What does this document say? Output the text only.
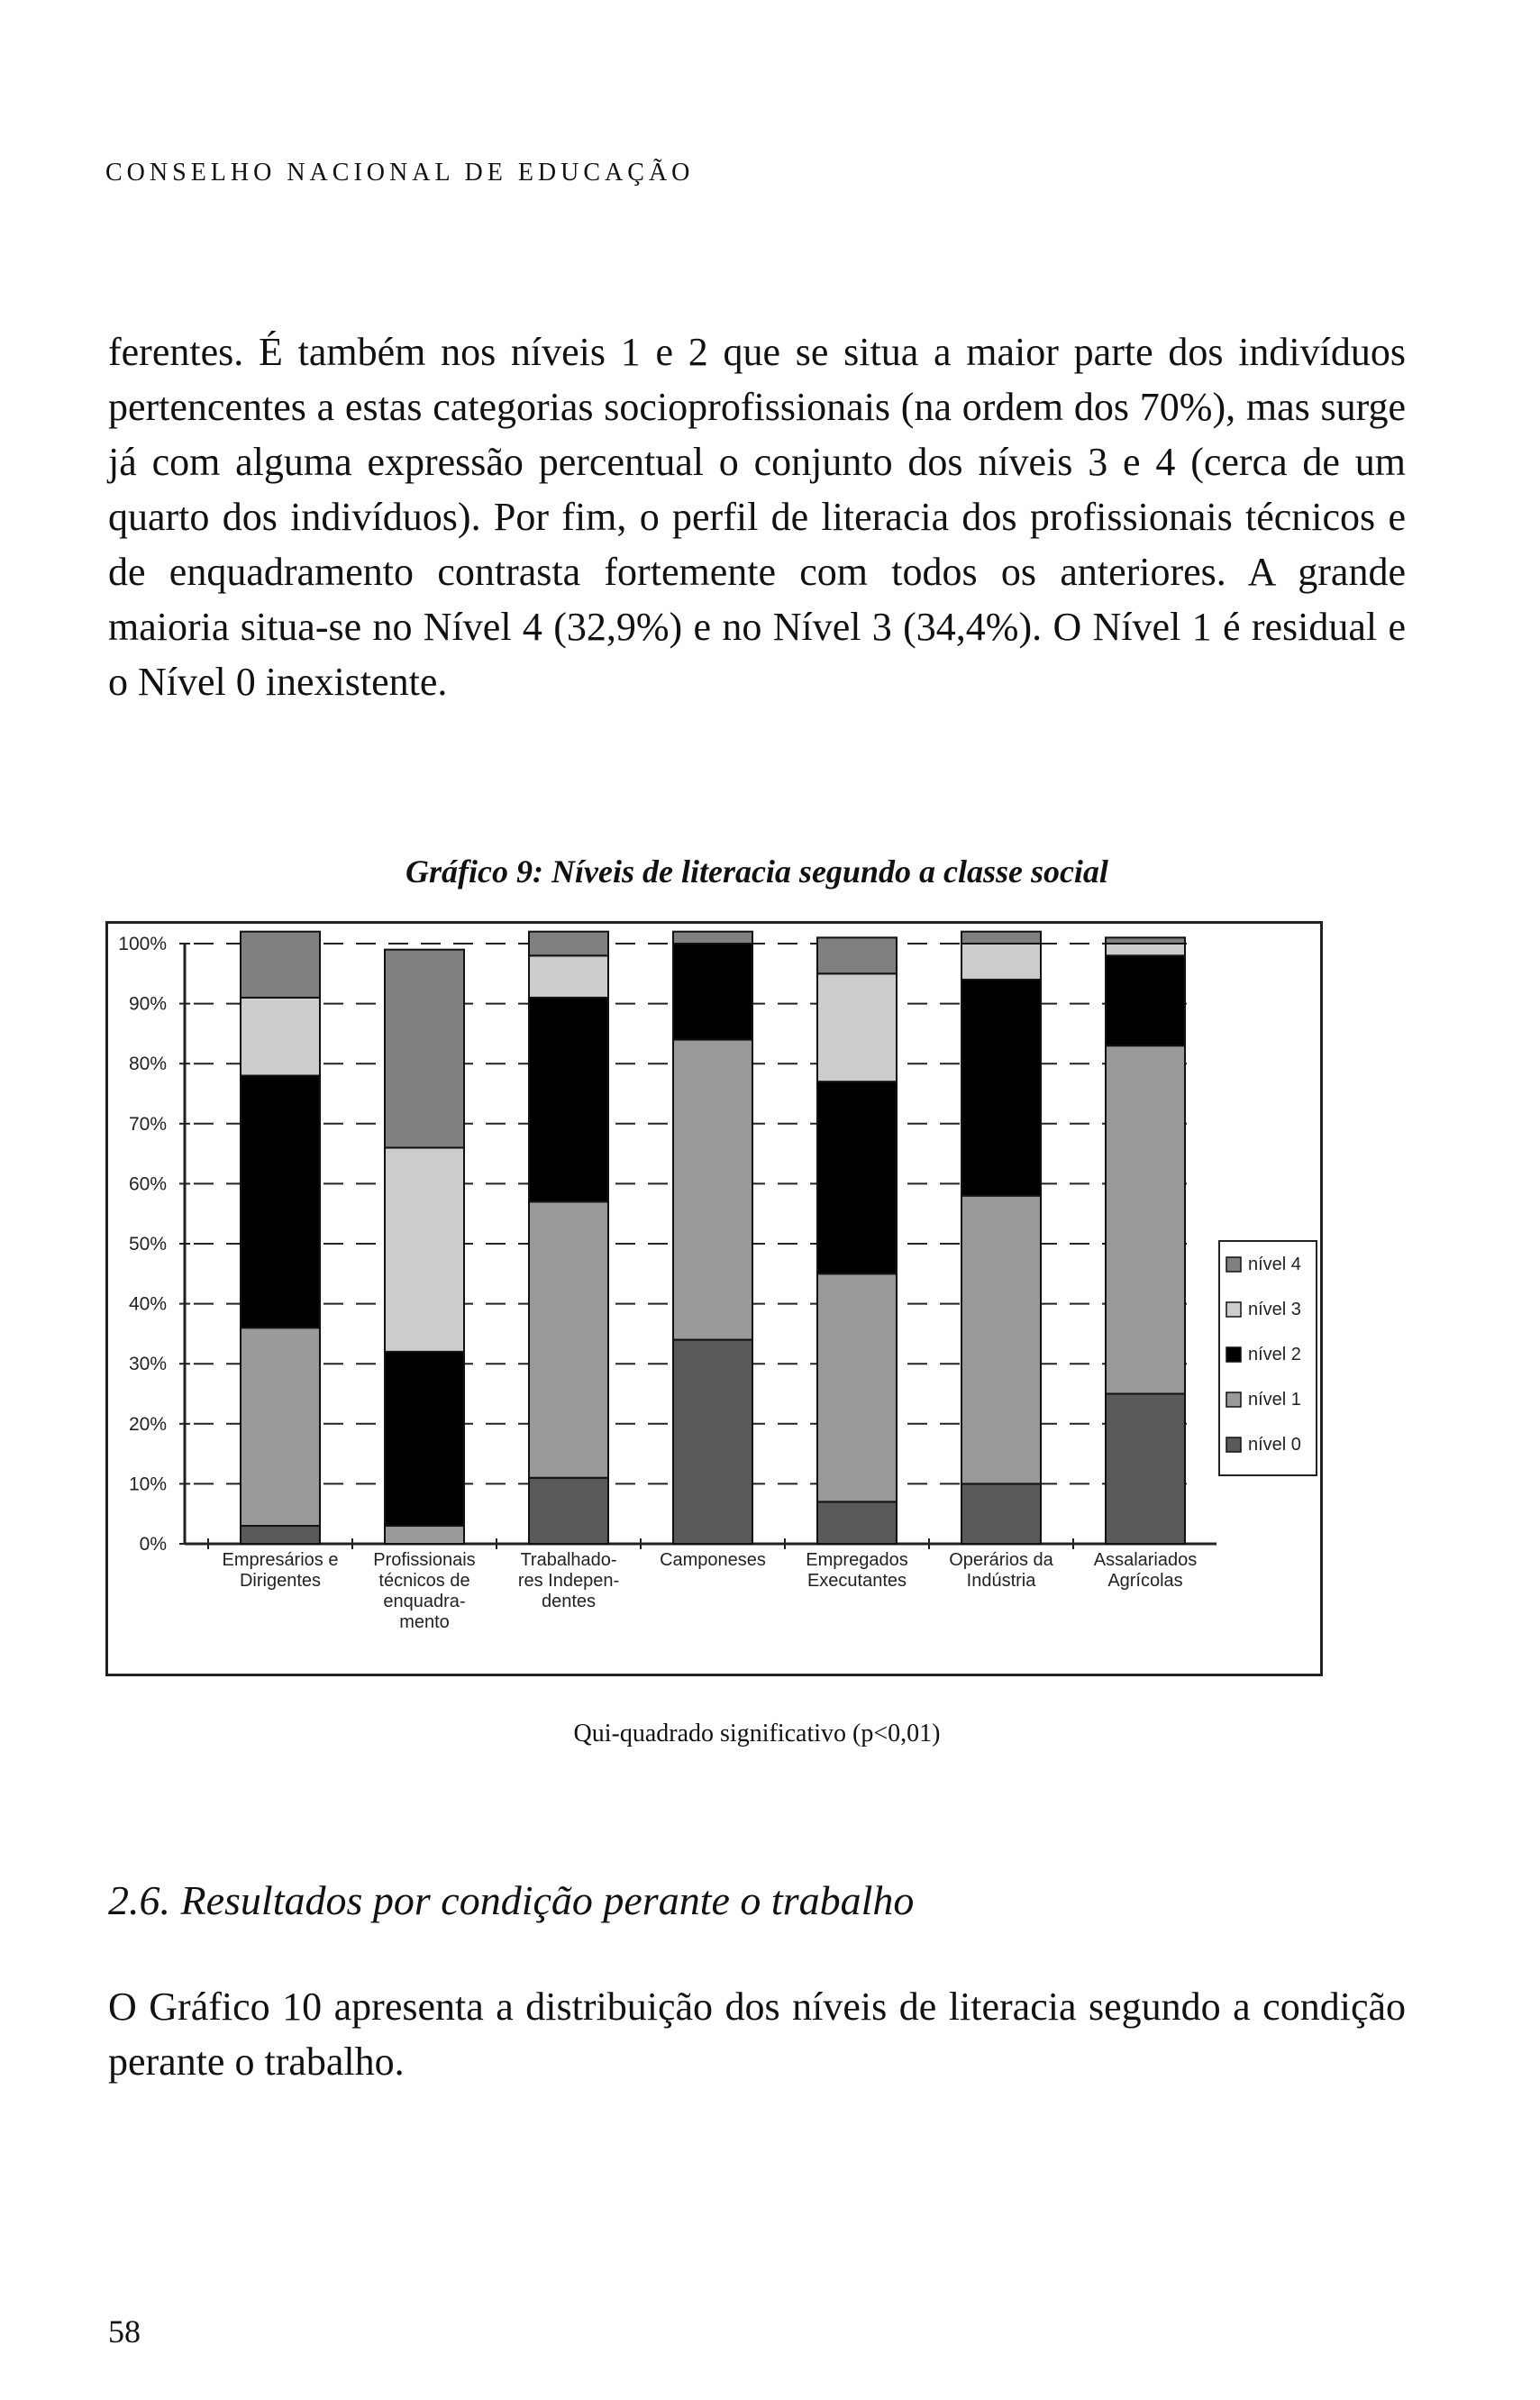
CONSELHO NACIONAL DE EDUCAÇÃO

ferentes. É também nos níveis 1 e 2 que se situa a maior parte dos indivíduos pertencentes a estas categorias socioprofissionais (na ordem dos 70%), mas surge já com alguma expressão percentual o conjunto dos níveis 3 e 4 (cerca de um quarto dos indivíduos). Por fim, o perfil de literacia dos profissionais técnicos e de enquadramento contrasta fortemente com todos os anteriores. A grande maioria situa-se no Nível 4 (32,9%) e no Nível 3 (34,4%). O Nível 1 é residual e o Nível 0 inexistente.

Gráfico 9: Níveis de literacia segundo a classe social

0%
10%
20%
30%
40%
50%
60%
70%
80%
90%
100%
Empresários e Dirigentes
Profissionais técnicos de enquadra-mento
Trabalhado-res Indepen-dentes
Camponeses Empregados Executantes
Operários da Indústria
Assalariados Agrícolas
nível 4
nível 3
nível 2
nível 1
nível 0

Qui-quadrado significativo (p<0,01)

2.6. Resultados por condição perante o trabalho

O Gráfico 10 apresenta a distribuição dos níveis de literacia segundo a condição perante o trabalho.

58
